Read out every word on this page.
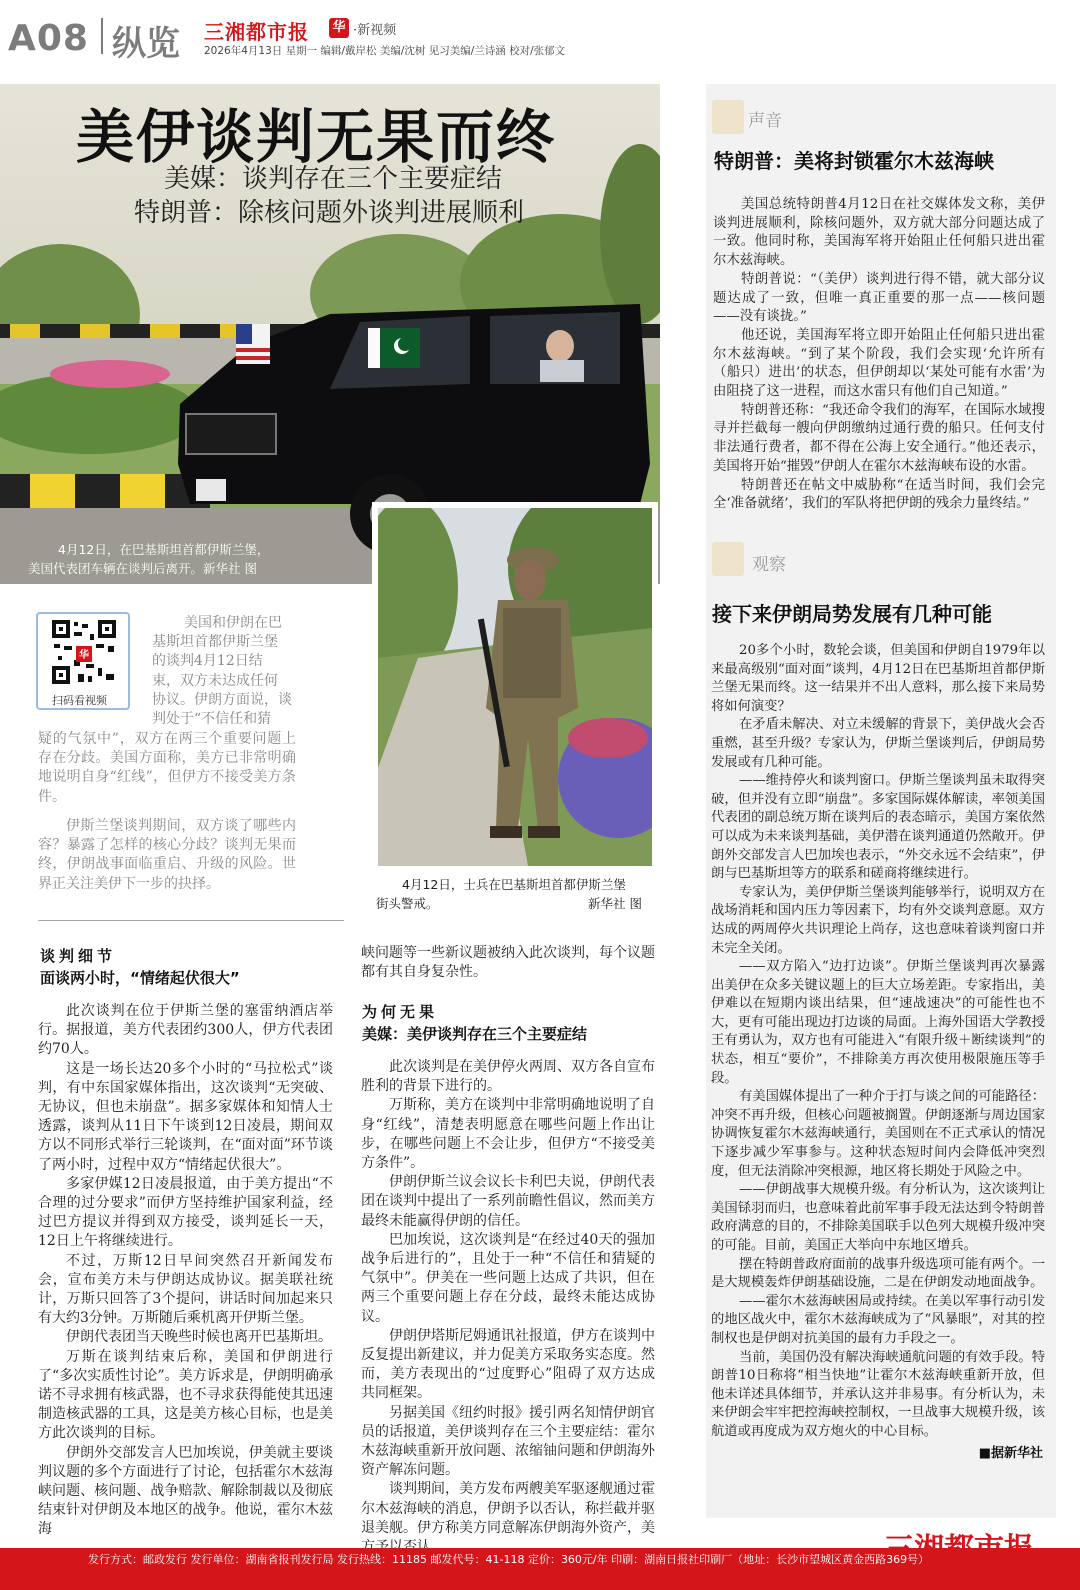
A08 纵览 三湘都市报 华 ·新视频
2026年4月13日 星期一 编辑/戴岸松 美编/沈树 见习美编/兰诗涵 校对/张郁文
美伊谈判无果而终
美媒：谈判存在三个主要症结
特朗普：除核问题外谈判进展顺利
4月12日，在巴基斯坦首都伊斯兰堡，
美国代表团车辆在谈判后离开。新华社 图
4月12日，士兵在巴基斯坦首都伊斯兰堡
街头警戒。	新华社 图
华
扫码看视频
美国和伊朗在巴
基斯坦首都伊斯兰堡
的谈判4月12日结
束，双方未达成任何
协议。伊朗方面说，谈
判处于“不信任和猜
疑的气氛中”，双方在两三个重要问题上存在分歧。美国方面称，美方已非常明确地说明自身“红线”，但伊方不接受美方条件。
伊斯兰堡谈判期间，双方谈了哪些内容？暴露了怎样的核心分歧？谈判无果而终，伊朗战事面临重启、升级的风险。世界正关注美伊下一步的抉择。
谈判细节
面谈两小时，“情绪起伏很大”

此次谈判在位于伊斯兰堡的塞雷纳酒店举行。据报道，美方代表团约300人，伊方代表团约70人。

这是一场长达20多个小时的“马拉松式”谈判，有中东国家媒体指出，这次谈判“无突破、无协议，但也未崩盘”。据多家媒体和知情人士透露，谈判从11日下午谈到12日凌晨，期间双方以不同形式举行三轮谈判，在“面对面”环节谈了两小时，过程中双方“情绪起伏很大”。

多家伊媒12日凌晨报道，由于美方提出“不合理的过分要求”而伊方坚持维护国家利益，经过巴方提议并得到双方接受，谈判延长一天，12日上午将继续进行。

不过，万斯12日早间突然召开新闻发布会，宣布美方未与伊朗达成协议。据美联社统计，万斯只回答了3个提问，讲话时间加起来只有大约3分钟。万斯随后乘机离开伊斯兰堡。

伊朗代表团当天晚些时候也离开巴基斯坦。

万斯在谈判结束后称，美国和伊朗进行了“多次实质性讨论”。美方诉求是，伊朗明确承诺不寻求拥有核武器，也不寻求获得能使其迅速制造核武器的工具，这是美方核心目标，也是美方此次谈判的目标。

伊朗外交部发言人巴加埃说，伊美就主要谈判议题的多个方面进行了讨论，包括霍尔木兹海峡问题、核问题、战争赔款、解除制裁以及彻底结束针对伊朗及本地区的战争。他说，霍尔木兹海

峡问题等一些新议题被纳入此次谈判，每个议题都有其自身复杂性。

为何无果
美媒：美伊谈判存在三个主要症结

此次谈判是在美伊停火两周、双方各自宣布胜利的背景下进行的。

万斯称，美方在谈判中非常明确地说明了自身“红线”，清楚表明愿意在哪些问题上作出让步，在哪些问题上不会让步，但伊方“不接受美方条件”。

伊朗伊斯兰议会议长卡利巴夫说，伊朗代表团在谈判中提出了一系列前瞻性倡议，然而美方最终未能赢得伊朗的信任。

巴加埃说，这次谈判是“在经过40天的强加战争后进行的”，且处于一种“不信任和猜疑的气氛中”。伊美在一些问题上达成了共识，但在两三个重要问题上存在分歧，最终未能达成协议。

伊朗伊塔斯尼姆通讯社报道，伊方在谈判中反复提出新建议，并力促美方采取务实态度。然而，美方表现出的“过度野心”阻碍了双方达成共同框架。

另据美国《纽约时报》援引两名知情伊朗官员的话报道，美伊谈判存在三个主要症结：霍尔木兹海峡重新开放问题、浓缩铀问题和伊朗海外资产解冻问题。

谈判期间，美方发布两艘美军驱逐舰通过霍尔木兹海峡的消息，伊朗予以否认，称拦截并驱退美舰。伊方称美方同意解冻伊朗海外资产，美

声音
特朗普：美将封锁霍尔木兹海峡

美国总统特朗普4月12日在社交媒体发文称，美伊谈判进展顺利，除核问题外，双方就大部分问题达成了一致。他同时称，美国海军将开始阻止任何船只进出霍尔木兹海峡。

特朗普说：“（美伊）谈判进行得不错，就大部分议题达成了一致，但唯一真正重要的那一点——核问题——没有谈拢。”

他还说，美国海军将立即开始阻止任何船只进出霍尔木兹海峡。“到了某个阶段，我们会实现‘允许所有（船只）进出’的状态，但伊朗却以‘某处可能有水雷’为由阻挠了这一进程，而这水雷只有他们自己知道。”

特朗普还称：“我还命令我们的海军，在国际水域搜寻并拦截每一艘向伊朗缴纳过通行费的船只。任何支付非法通行费者，都不得在公海上安全通行。”他还表示，美国将开始“摧毁”伊朗人在霍尔木兹海峡布设的水雷。

特朗普还在帖文中威胁称“在适当时间，我们会完全‘准备就绪’，我们的军队将把伊朗的残余力量终结。”

观察
接下来伊朗局势发展有几种可能

20多个小时，数轮会谈，但美国和伊朗自1979年以来最高级别“面对面”谈判，4月12日在巴基斯坦首都伊斯兰堡无果而终。这一结果并不出人意料，那么接下来局势将如何演变？

在矛盾未解决、对立未缓解的背景下，美伊战火会否重燃，甚至升级？专家认为，伊斯兰堡谈判后，伊朗局势发展或有几种可能。

——维持停火和谈判窗口。伊斯兰堡谈判虽未取得突破，但并没有立即“崩盘”。多家国际媒体解读，率领美国代表团的副总统万斯在谈判后的表态暗示，美国方案依然可以成为未来谈判基础，美伊潜在谈判通道仍然敞开。伊朗外交部发言人巴加埃也表示，“外交永远不会结束”，伊朗与巴基斯坦等方的联系和磋商将继续进行。

专家认为，美伊伊斯兰堡谈判能够举行，说明双方在战场消耗和国内压力等因素下，均有外交谈判意愿。双方达成的两周停火共识理论上尚存，这也意味着谈判窗口并未完全关闭。

——双方陷入“边打边谈”。伊斯兰堡谈判再次暴露出美伊在众多关键议题上的巨大立场差距。专家指出，美伊难以在短期内谈出结果，但“速战速决”的可能性也不大，更有可能出现边打边谈的局面。上海外国语大学教授王有勇认为，双方也有可能进入“有限升级＋断续谈判”的状态，相互“要价”，不排除美方再次使用极限施压等手段。

有美国媒体提出了一种介于打与谈之间的可能路径：冲突不再升级，但核心问题被搁置。伊朗逐渐与周边国家协调恢复霍尔木兹海峡通行，美国则在不正式承认的情况下逐步减少军事参与。这种状态短时间内会降低冲突烈度，但无法消除冲突根源，地区将长期处于风险之中。

——伊朗战事大规模升级。有分析认为，这次谈判让美国铩羽而归，也意味着此前军事手段无法达到令特朗普政府满意的目的，不排除美国联手以色列大规模升级冲突的可能。目前，美国正大举向中东地区增兵。

摆在特朗普政府面前的战事升级选项可能有两个。一是大规模轰炸伊朗基础设施，二是在伊朗发动地面战争。

——霍尔木兹海峡困局或持续。在美以军事行动引发的地区战火中，霍尔木兹海峡成为了“风暴眼”，对其的控制权也是伊朗对抗美国的最有力手段之一。

当前，美国仍没有解决海峡通航问题的有效手段。特朗普10日称将“相当快地”让霍尔木兹海峡重新开放，但他未详述具体细节，并承认这并非易事。有分析认为，未来伊朗会牢牢把控海峡控制权，一旦战事大规模升级，该航道或再度成为双方炮火的中心目标。

■据新华社

发行方式：邮政发行 发行单位：湖南省报刊发行局 发行热线：11185 邮发代号：41-118 定价：360元/年 印刷：湖南日报社印刷厂（地址：长沙市望城区黄金西路369号）
